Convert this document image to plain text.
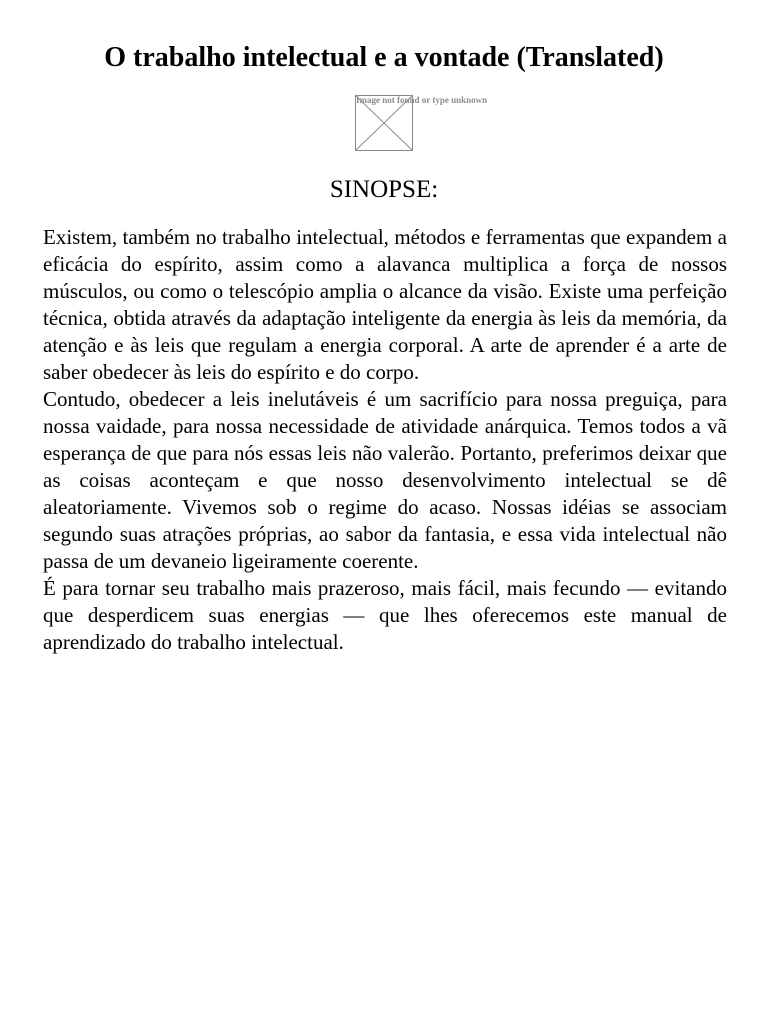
O trabalho intelectual e a vontade (Translated)
Image not found or type unknown
SINOPSE:

Existem, também no trabalho intelectual, métodos e ferramentas que expandem a eficácia do espírito, assim como a alavanca multiplica a força de nossos músculos, ou como o telescópio amplia o alcance da visão. Existe uma perfeição técnica, obtida através da adaptação inteligente da energia às leis da memória, da atenção e às leis que regulam a energia corporal. A arte de aprender é a arte de saber obedecer às leis do espírito e do corpo.

Contudo, obedecer a leis inelutáveis é um sacrifício para nossa preguiça, para nossa vaidade, para nossa necessidade de atividade anárquica. Temos todos a vã esperança de que para nós essas leis não valerão. Portanto, preferimos deixar que as coisas aconteçam e que nosso desenvolvimento intelectual se dê aleatoriamente. Vivemos sob o regime do acaso. Nossas idéias se associam segundo suas atrações próprias, ao sabor da fantasia, e essa vida intelectual não passa de um devaneio ligeiramente coerente.

É para tornar seu trabalho mais prazeroso, mais fácil, mais fecundo — evitando que desperdicem suas energias — que lhes oferecemos este manual de aprendizado do trabalho intelectual.
